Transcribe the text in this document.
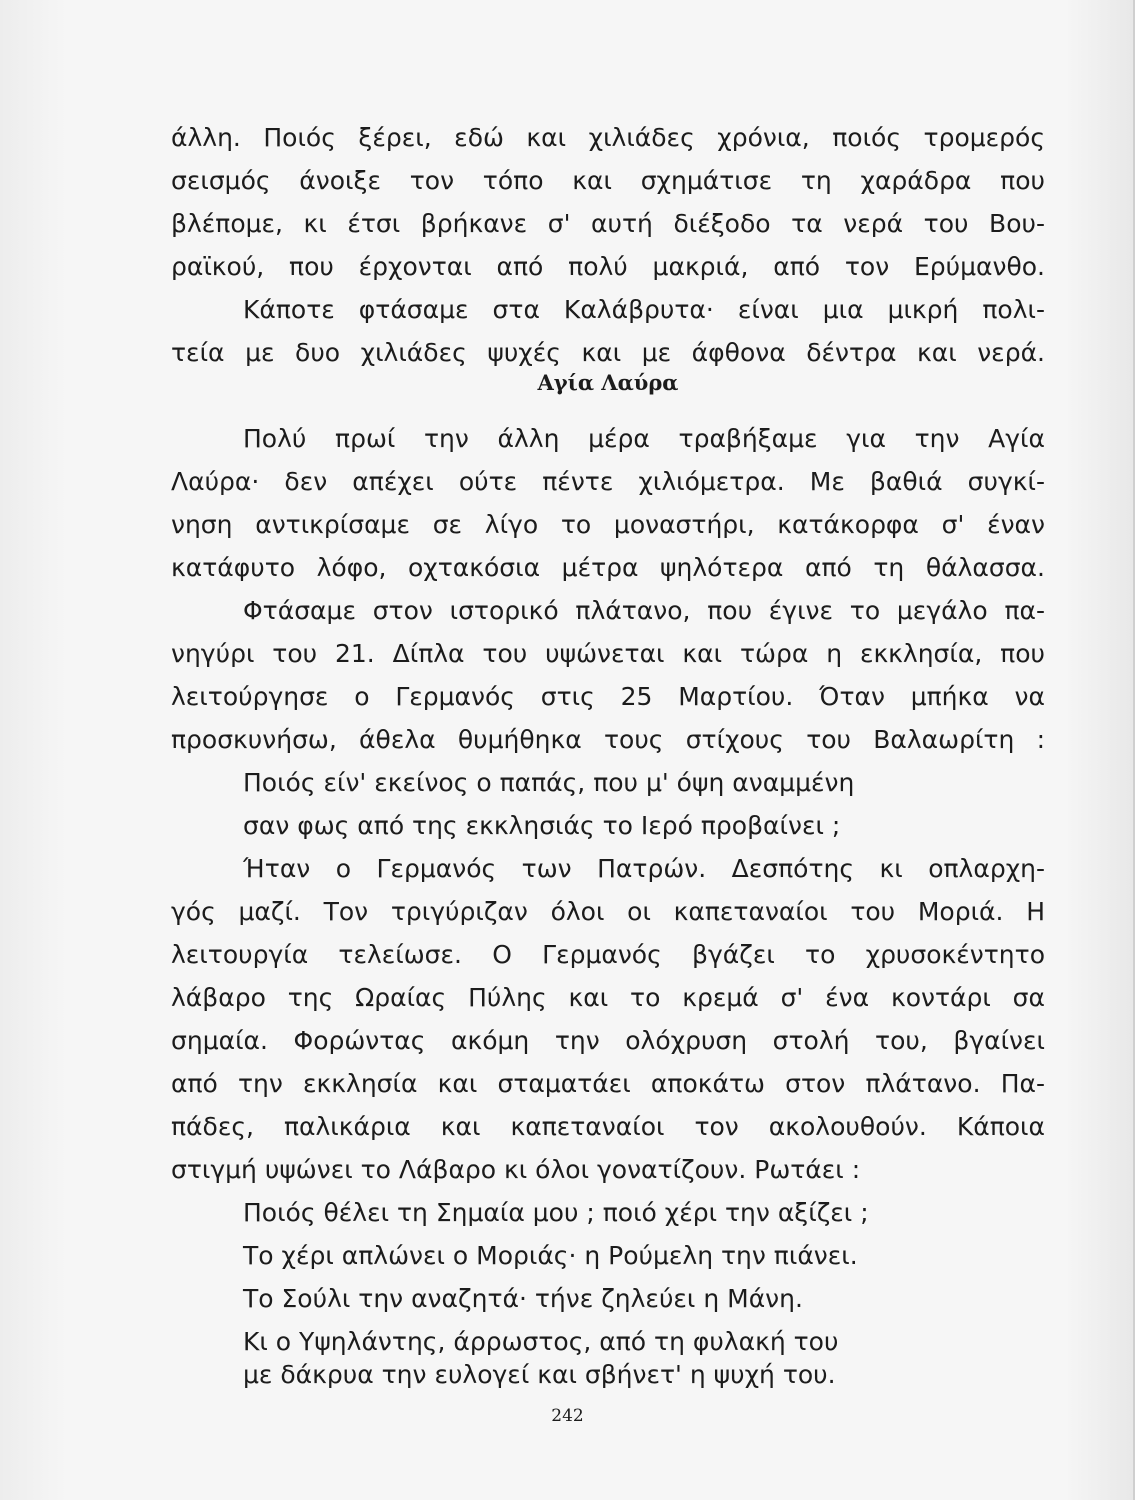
άλλη. Ποιός ξέρει, εδώ και χιλιάδες χρόνια, ποιός τρομερός
σεισμός άνοιξε τον τόπο και σχημάτισε τη χαράδρα που
βλέπομε, κι έτσι βρήκανε σ' αυτή διέξοδο τα νερά του Βου-
ραϊκού, που έρχονται από πολύ μακριά, από τον Ερύμανθο.
Κάποτε φτάσαμε στα Καλάβρυτα· είναι μια μικρή πολι-
τεία με δυο χιλιάδες ψυχές και με άφθονα δέντρα και νερά.
Αγία Λαύρα
Πολύ πρωί την άλλη μέρα τραβήξαμε για την Αγία
Λαύρα· δεν απέχει ούτε πέντε χιλιόμετρα. Με βαθιά συγκί-
νηση αντικρίσαμε σε λίγο το μοναστήρι, κατάκορφα σ' έναν
κατάφυτο λόφο, οχτακόσια μέτρα ψηλότερα από τη θάλασσα.
Φτάσαμε στον ιστορικό πλάτανο, που έγινε το μεγάλο πα-
νηγύρι του 21. Δίπλα του υψώνεται και τώρα η εκκλησία, που
λειτούργησε ο Γερμανός στις 25 Μαρτίου. Όταν μπήκα να
προσκυνήσω, άθελα θυμήθηκα τους στίχους του Βαλαωρίτη :
Ποιός είν' εκείνος ο παπάς, που μ' όψη αναμμένη
σαν φως από της εκκλησιάς το Ιερό προβαίνει ;
Ήταν ο Γερμανός των Πατρών. Δεσπότης κι οπλαρχη-
γός μαζί. Τον τριγύριζαν όλοι οι καπεταναίοι του Μοριά. Η
λειτουργία τελείωσε. Ο Γερμανός βγάζει το χρυσοκέντητο
λάβαρο της Ωραίας Πύλης και το κρεμά σ' ένα κοντάρι σα
σημαία. Φορώντας ακόμη την ολόχρυση στολή του, βγαίνει
από την εκκλησία και σταματάει αποκάτω στον πλάτανο. Πα-
πάδες, παλικάρια και καπεταναίοι τον ακολουθούν. Κάποια
στιγμή υψώνει το Λάβαρο κι όλοι γονατίζουν. Ρωτάει :
Ποιός θέλει τη Σημαία μου ; ποιό χέρι την αξίζει ;
Το χέρι απλώνει ο Μοριάς· η Ρούμελη την πιάνει.
Το Σούλι την αναζητά· τήνε ζηλεύει η Μάνη.
Κι ο Υψηλάντης, άρρωστος, από τη φυλακή του
με δάκρυα την ευλογεί και σβήνετ' η ψυχή του.
242
